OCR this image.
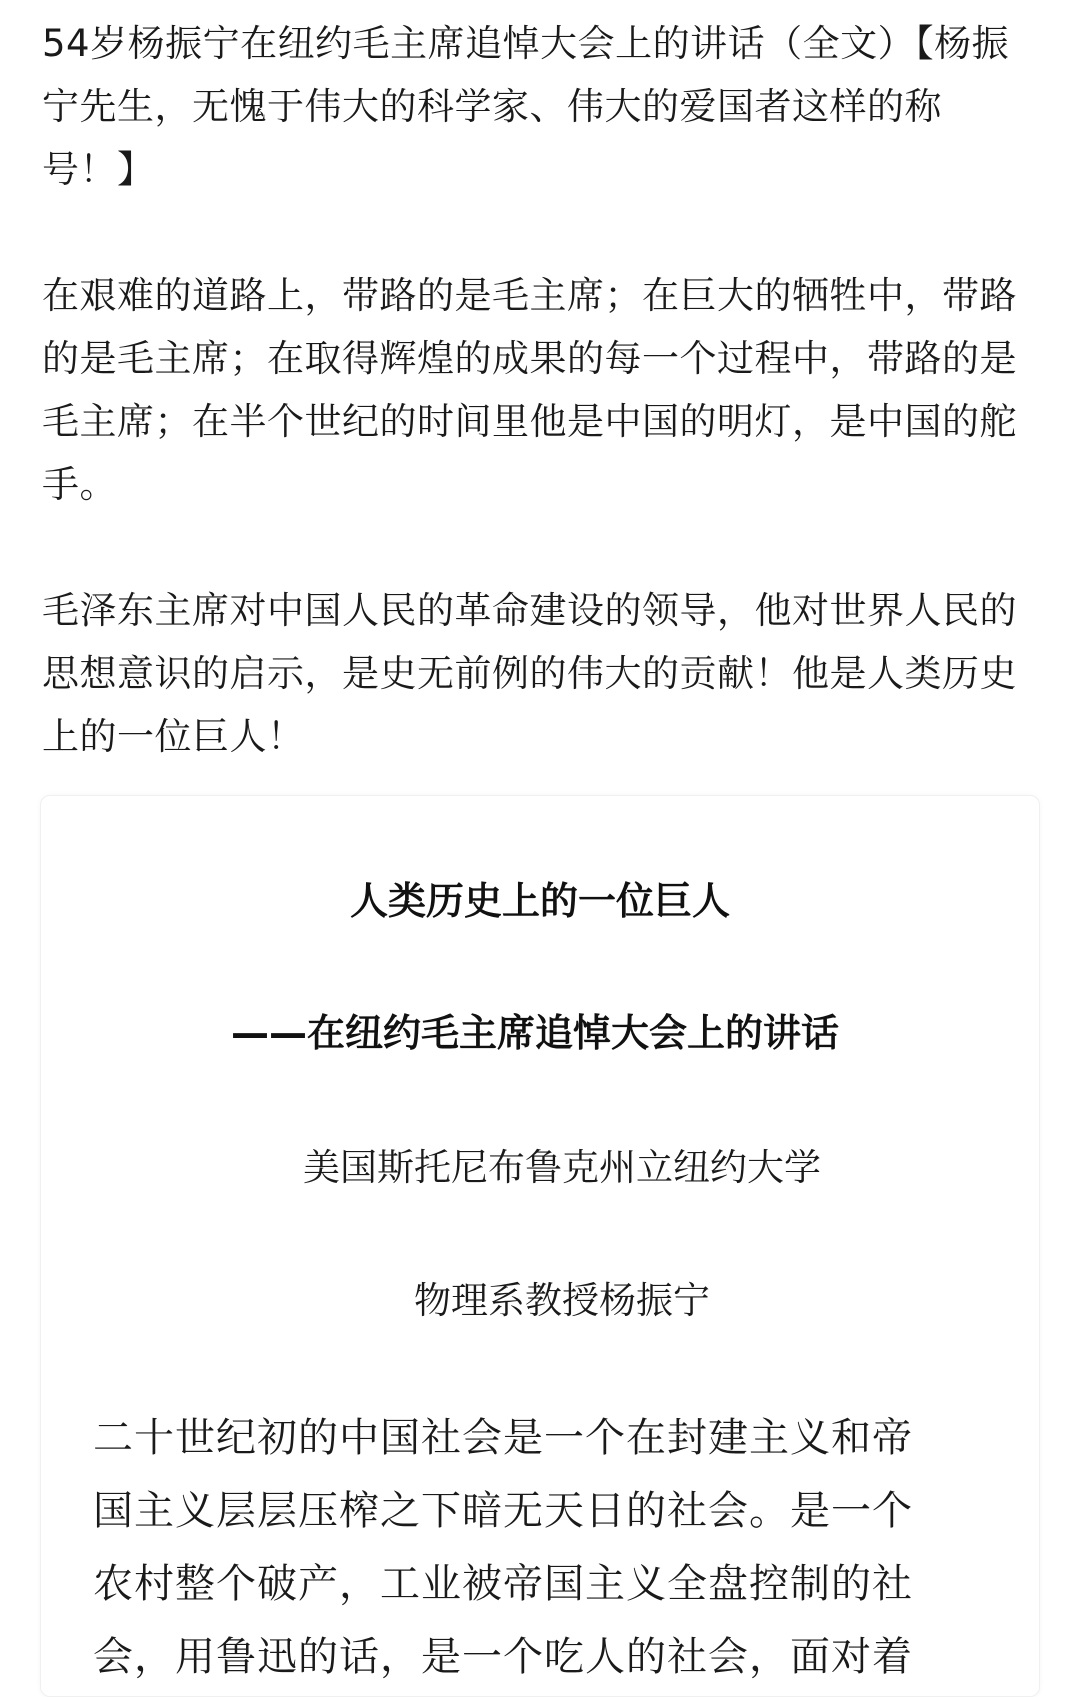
54岁杨振宁在纽约毛主席追悼大会上的讲话（全文）【杨振宁先生，无愧于伟大的科学家、伟大的爱国者这样的称号！】

在艰难的道路上，带路的是毛主席；在巨大的牺牲中，带路的是毛主席；在取得辉煌的成果的每一个过程中，带路的是毛主席；在半个世纪的时间里他是中国的明灯，是中国的舵手。

毛泽东主席对中国人民的革命建设的领导，他对世界人民的思想意识的启示，是史无前例的伟大的贡献！他是人类历史上的一位巨人！

人类历史上的一位巨人
——在纽约毛主席追悼大会上的讲话
美国斯托尼布鲁克州立纽约大学
物理系教授杨振宁
二十世纪初的中国社会是一个在封建主义和帝国主义层层压榨之下暗无天日的社会。是一个农村整个破产，工业被帝国主义全盘控制的社会，用鲁迅的话，是一个吃人的社会，面对着
